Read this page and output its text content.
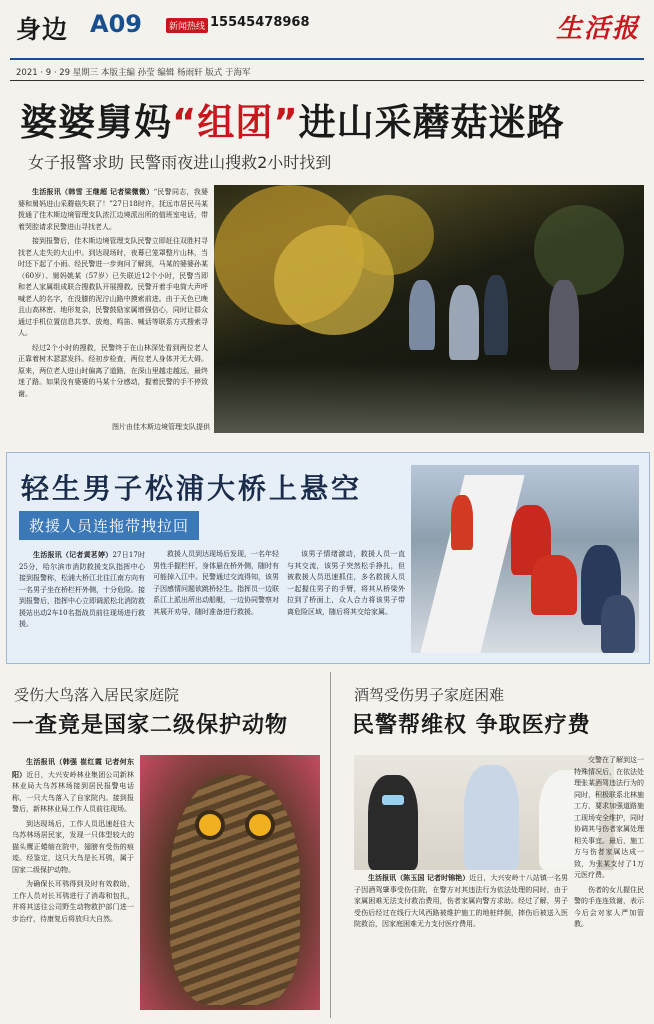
身边 A09	新闻热线 15545478968	生活报
2021 · 9 · 29 星期三 本版主编 孙莹 编辑 杨雨轩 版式 于海军
婆婆舅妈“组团”进山采蘑菇迷路
女子报警求助 民警雨夜进山搜救2小时找到

生活报讯（韩雪 王继超 记者梁微微）“民警同志，我婆婆和舅妈进山采蘑菇失联了！”27日18时许，抚远市居民马某拨通了佳木斯边境管理支队浓江边境派出所的值班室电话，带着哭腔请求民警进山寻找老人。

接到报警后，佳木斯边境管理支队民警立即赶往双胜村寻找老人走失的大山中。到达现场时，夜幕已笼罩整片山林，当时还下起了小雨。经民警进一步询问了解到，马某的婆婆孙某（60岁）、舅妈姚某（57岁）已失联近12个小时，民警当即和老人家属组成联合搜救队开展搜救。民警开着手电筒大声呼喊老人的名字，在没膝的泥泞山路中摸索前进。由于天色已晚且山高林密、地形复杂，民警鼓励家属增强信心，同时让群众通过手机位置信息共享、放炮、鸣笛、喊话等联系方式搜索寻人。

经过2个小时的搜救，民警终于在山林深处看到两位老人正靠着树木瑟瑟发抖。经初步检查，两位老人身体并无大碍。原来，两位老人进山时偏离了道路，在深山里越走越远，最终迷了路。如果没有婆婆的马某十分感动，握着民警的手不停致谢。

图片由佳木斯边境管理支队提供
轻生男子松浦大桥上悬空
救援人员连拖带拽拉回

生活报讯（记者黄茗婷）27日17时25分，哈尔滨市消防救援支队指挥中心接到报警称，松浦大桥江北往江南方向有一名男子坐在桥栏杆外侧，十分危险。接到报警后，指挥中心立即调派松北消防救援站出动2车10名指战员前往现场进行救援。

救援人员到达现场后发现，一名年轻男性手握栏杆，身体悬在桥外侧，随时有可能掉入江中。民警通过交流得知，该男子因感情问题欲跳桥轻生。指挥员一边联系江上派出所出动船艇，一边协同警察对其展开劝导，随时准备进行救援。

该男子情绪激动，救援人员一直与其交流，该男子突然松手挣扎，但被救援人员迅速抓住，多名救援人员一起握住男子的手臂，将其从桥梁外拉到了桥面上，众人合力将该男子带离危险区域，随后将其交给家属。

受伤大鸟落入居民家庭院
一查竟是国家二级保护动物

生活报讯（韩强 崔红霞 记者何东阳）近日，大兴安岭林业集团公司新林林业局大乌苏林场接到居民报警电话称，一只大鸟落入了自家院内。接到报警后，新林林业局工作人员前往现场。

到达现场后，工作人员迅速赶往大乌苏林场居民家，发现一只体型较大的猫头鹰正蜷缩在院中，翅膀有受伤的痕迹。经鉴定，这只大鸟是长耳鸮，属于国家二级保护动物。

为确保长耳鸮得到及时有效救助，工作人员对长耳鸮进行了消毒和包扎，并将其送往公司野生动物救护部门进一步治疗，待康复后将放归大自然。

酒驾受伤男子家庭困难
民警帮维权 争取医疗费

生活报讯（陈玉国 记者时锦艳）近日，大兴安岭十八站镇一名男子因酒驾肇事受伤住院，在警方对其违法行为依法处理的同时，由于家属困难无法支付救治费用，伤者家属向警方求助。经过了解，男子受伤后经过在线行大风西路被维护施工的地桩绊倒，摔伤后被送入医院救治，因家庭困难无力支付医疗费用。

交警在了解到这一特殊情况后，在依法处理张某酒驾违法行为的同时，积极联系北林施工方，要求加强道路施工现场安全维护，同时协调其与伤者家属处理相关事宜。最后，施工方与伤者家属达成一致，为张某支付了1万元医疗费。

伤者的女儿握住民警的手连连致谢，表示今后会对家人严加管教。
